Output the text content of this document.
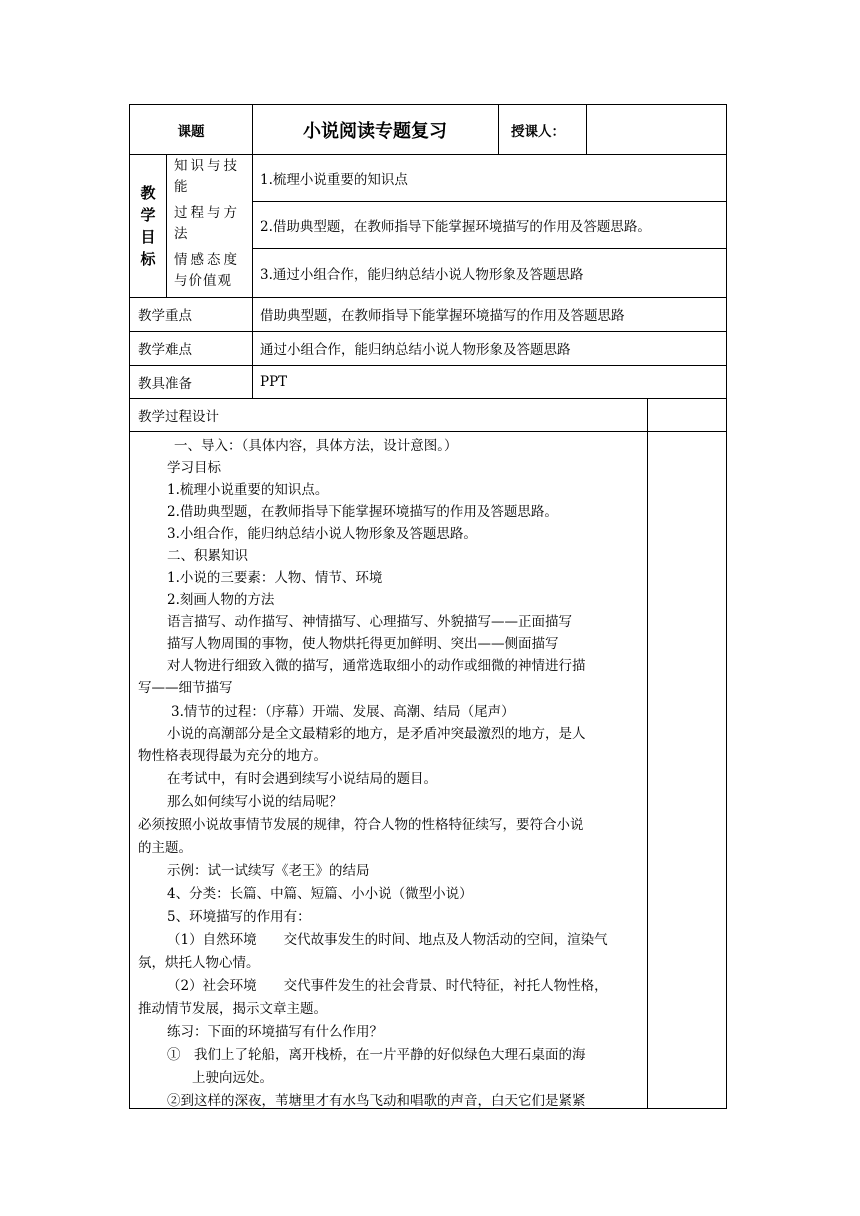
课题	小说阅读专题复习	授课人：
教
学
目
标
知识与技
能	1.梳理小说重要的知识点
过程与方
法	2.借助典型题，在教师指导下能掌握环境描写的作用及答题思路。
情感态度
与价值观	3.通过小组合作，能归纳总结小说人物形象及答题思路
教学重点	借助典型题，在教师指导下能掌握环境描写的作用及答题思路
教学难点	通过小组合作，能归纳总结小说人物形象及答题思路
教具准备	PPT
教学过程设计
一、导入：（具体内容，具体方法，设计意图。）
学习目标
1.梳理小说重要的知识点。
2.借助典型题，在教师指导下能掌握环境描写的作用及答题思路。
3.小组合作，能归纳总结小说人物形象及答题思路。
二、积累知识
1.小说的三要素：人物、情节、环境
2.刻画人物的方法
语言描写、动作描写、神情描写、心理描写、外貌描写——正面描写
描写人物周围的事物，使人物烘托得更加鲜明、突出——侧面描写
对人物进行细致入微的描写，通常选取细小的动作或细微的神情进行描
写——细节描写
3.情节的过程：（序幕）开端、发展、高潮、结局（尾声）
小说的高潮部分是全文最精彩的地方，是矛盾冲突最激烈的地方，是人
物性格表现得最为充分的地方。
在考试中，有时会遇到续写小说结局的题目。
那么如何续写小说的结局呢？
必须按照小说故事情节发展的规律，符合人物的性格特征续写，要符合小说
的主题。
示例：试一试续写《老王》的结局
4、分类：长篇、中篇、短篇、小小说（微型小说）
5、环境描写的作用有：
（1）自然环境　　交代故事发生的时间、地点及人物活动的空间，渲染气
氛，烘托人物心情。
（2）社会环境　　交代事件发生的社会背景、时代特征，衬托人物性格，
推动情节发展，揭示文章主题。
练习：下面的环境描写有什么作用？
①　我们上了轮船，离开栈桥，在一片平静的好似绿色大理石桌面的海
上驶向远处。
②到这样的深夜，苇塘里才有水鸟飞动和唱歌的声音，白天它们是紧紧
